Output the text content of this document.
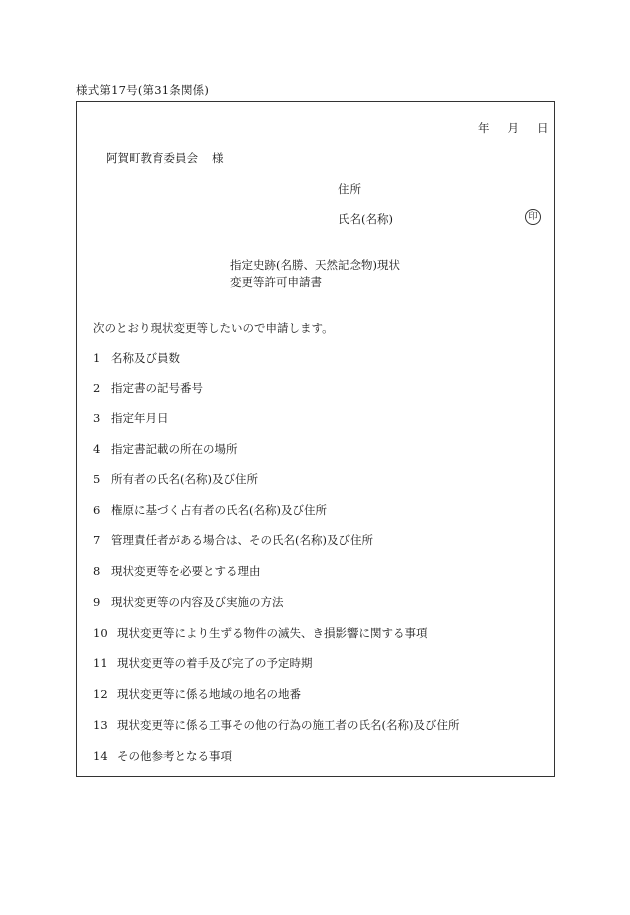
様式第17号(第31条関係)
年 月 日
阿賀町教育委員会 様
住所
氏名(名称)	印
指定史跡(名勝、天然記念物)現状
変更等許可申請書
次のとおり現状変更等したいので申請します。
1 名称及び員数
2 指定書の記号番号
3 指定年月日
4 指定書記載の所在の場所
5 所有者の氏名(名称)及び住所
6 権原に基づく占有者の氏名(名称)及び住所
7 管理責任者がある場合は、その氏名(名称)及び住所
8 現状変更等を必要とする理由
9 現状変更等の内容及び実施の方法
10 現状変更等により生ずる物件の滅失、き損影響に関する事項
11 現状変更等の着手及び完了の予定時期
12 現状変更等に係る地域の地名の地番
13 現状変更等に係る工事その他の行為の施工者の氏名(名称)及び住所
14 その他参考となる事項
